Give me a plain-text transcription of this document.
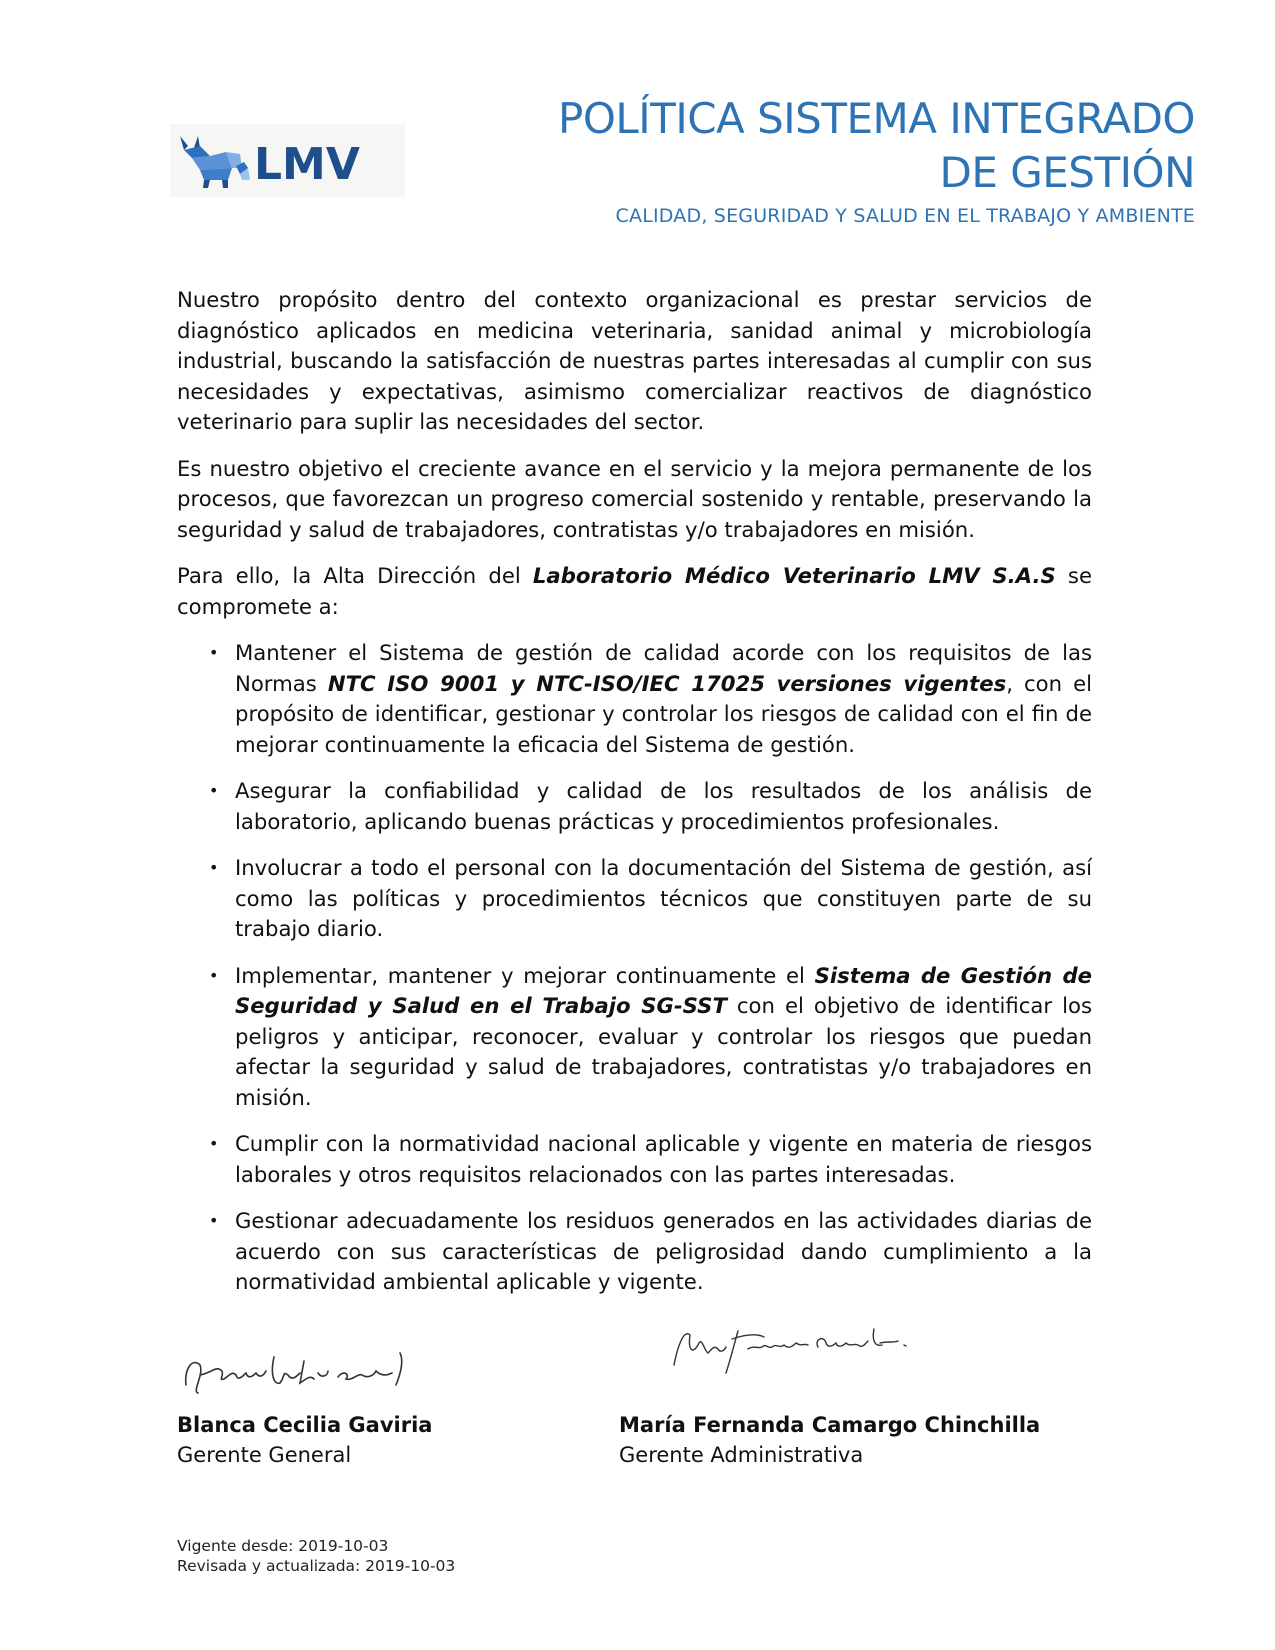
LMV
POLÍTICA SISTEMA INTEGRADO
DE GESTIÓN

CALIDAD, SEGURIDAD Y SALUD EN EL TRABAJO Y AMBIENTE

Nuestro propósito dentro del contexto organizacional es prestar servicios de diagnóstico aplicados en medicina veterinaria, sanidad animal y microbiología industrial, buscando la satisfacción de nuestras partes interesadas al cumplir con sus necesidades y expectativas, asimismo comercializar reactivos de diagnóstico veterinario para suplir las necesidades del sector.

Es nuestro objetivo el creciente avance en el servicio y la mejora permanente de los procesos, que favorezcan un progreso comercial sostenido y rentable, preservando la seguridad y salud de trabajadores, contratistas y/o trabajadores en misión.

Para ello, la Alta Dirección del Laboratorio Médico Veterinario LMV S.A.S se compromete a:

• Mantener el Sistema de gestión de calidad acorde con los requisitos de las Normas NTC ISO 9001 y NTC-ISO/IEC 17025 versiones vigentes, con el propósito de identificar, gestionar y controlar los riesgos de calidad con el fin de mejorar continuamente la eficacia del Sistema de gestión.
• Asegurar la confiabilidad y calidad de los resultados de los análisis de laboratorio, aplicando buenas prácticas y procedimientos profesionales.
• Involucrar a todo el personal con la documentación del Sistema de gestión, así como las políticas y procedimientos técnicos que constituyen parte de su trabajo diario.
• Implementar, mantener y mejorar continuamente el Sistema de Gestión de Seguridad y Salud en el Trabajo SG-SST con el objetivo de identificar los peligros y anticipar, reconocer, evaluar y controlar los riesgos que puedan afectar la seguridad y salud de trabajadores, contratistas y/o trabajadores en misión.
• Cumplir con la normatividad nacional aplicable y vigente en materia de riesgos laborales y otros requisitos relacionados con las partes interesadas.
• Gestionar adecuadamente los residuos generados en las actividades diarias de acuerdo con sus características de peligrosidad dando cumplimiento a la normatividad ambiental aplicable y vigente.
Blanca Cecilia Gaviria
Gerente General
María Fernanda Camargo Chinchilla
Gerente Administrativa
Vigente desde: 2019-10-03
Revisada y actualizada: 2019-10-03
